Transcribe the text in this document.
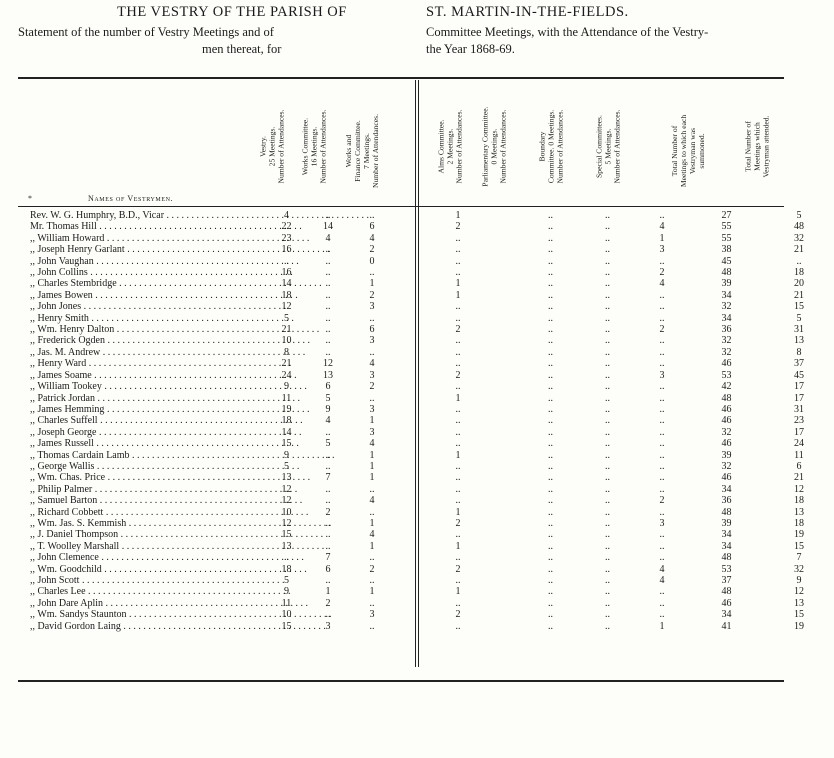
THE VESTRY OF THE PARISH OF	ST. MARTIN-IN-THE-FIELDS.
Statement of the number of Vestry Meetings and of
men thereat, for
Committee Meetings, with the Attendance of the Vestry-
the Year 1868-69.
*	Names of Vestrymen.
Vestry.
25 Meetings.
Number of Attendances.
Works Committee.
16 Meetings.
Number of Attendances.
Works and
Finance Committee.
7 Meetings.
Number of Attendances.
Alms Committee.
2 Meetings.
Number of Attendances.
Parliamentary Committee.
0 Meetings.
Number of Attendances.	Boundary
Committee. 0 Meetings.
Number of Attendances.
Special Committees.
5 Meetings.
Number of Attendances.
Total Number of
Meetings to which each
Vestryman was
summoned.	Total Number of
Meetings which
Vestryman attended.
Rev. W. G. Humphry, B.D., Vicar . . .	4	..	..	1	..	..	..	27	5
Mr. Thomas Hill . . .	22	14	6	2	..	..	4	55	48
,, William Howard . . .	23	4	4	..	..	..	1	55	32
,, Joseph Henry Garlant . . .	16	..	2	..	..	..	3	38	21
,, John Vaughan . . .	..	..	0	..	..	..	..	45	..
,, John Collins . . .	16	..	..	..	..	..	2	48	18
,, Charles Stembridge . . .	14	..	1	1	..	..	4	39	20
,, James Bowen . . .	18	..	2	1	..	..	..	34	21
,, John Jones . . .	12	..	3	..	..	..	..	32	15
,, Henry Smith . . .	5	..	..	..	..	..	..	34	5
,, Wm. Henry Dalton . . .	21	..	6	2	..	..	2	36	31
,, Frederick Ogden . . .	10	..	3	..	..	..	..	32	13
,, Jas. M. Andrew . . .	8	..	..	..	..	..	..	32	8
,, Henry Ward . . .	21	12	4	..	..	..	..	46	37
,, James Soame . . .	24	13	3	2	..	..	3	53	45
,, William Tookey . . .	9	6	2	..	..	..	..	42	17
,, Patrick Jordan . . .	11	5	..	1	..	..	..	48	17
,, James Hemming . . .	19	9	3	..	..	..	..	46	31
,, Charles Suffell . . .	18	4	1	..	..	..	..	46	23
,, Joseph George . . .	14	..	3	..	..	..	..	32	17
,, James Russell . . .	15	5	4	..	..	..	..	46	24
,, Thomas Cardain Lamb . . .	9	..	1	1	..	..	..	39	11
,, George Wallis . . .	5	..	1	..	..	..	..	32	6
,, Wm. Chas. Price . . .	13	7	1	..	..	..	..	46	21
,, Philip Palmer . . .	12	..	..	..	..	..	..	34	12
,, Samuel Barton . . .	12	..	4	..	..	..	2	36	18
,, Richard Cobbett . . .	10	2	..	1	..	..	..	48	13
,, Wm. Jas. S. Kemmish . . .	12	..	1	2	..	..	3	39	18
,, J. Daniel Thompson . . .	15	..	4	..	..	..	..	34	19
,, T. Woolley Marshall . . .	13	..	1	1	..	..	..	34	15
,, John Clemence . . .	..	7	..	..	..	..	..	48	7
,, Wm. Goodchild . . .	18	6	2	2	..	..	4	53	32
,, John Scott . . .	5	..	..	..	..	..	4	37	9
,, Charles Lee . . .	9	1	1	1	..	..	..	48	12
,, John Dare Aplin . . .	11	2	..	..	..	..	..	46	13
,, Wm. Sandys Staunton . . .	10	..	3	2	..	..	..	34	15
,, David Gordon Laing . . .	15	3	..	..	..	..	1	41	19
